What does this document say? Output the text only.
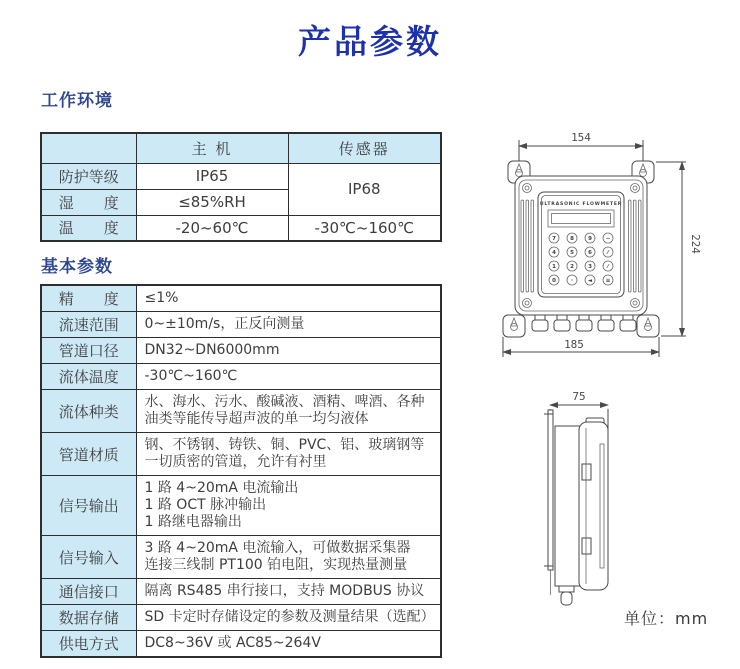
产品参数
工作环境
	主 机	传感器
防护等级	IP65	IP68
湿　　度	≤85%RH	
温　　度	-20~60℃	-30℃~160℃
基本参数
精　　度	≤1%

流速范围	0~±10m/s，正反向测量

管道口径	DN32~DN6000mm

流体温度	-30℃~160℃

流体种类	水、海水、污水、酸碱液、酒精、啤酒、各种油类等能传导超声波的单一均匀液体

管道材质	钢、不锈钢、铸铁、铜、PVC、铝、玻璃钢等一切质密的管道，允许有衬里

信号输出	1 路 4~20mA 电流输出
1 路 OCT 脉冲输出
1 路继电器输出

信号输入	3 路 4~20mA 电流输入，可做数据采集器
连接三线制 PT100 铂电阻，实现热量测量

通信接口	隔离 RS485 串行接口，支持 MODBUS 协议

数据存储	SD 卡定时存储设定的参数及测量结果（选配）

供电方式	DC8~36V 或 AC85~264V
154
ULTRASONIC FLOWMETER
7	8	9	−
4	5	6	⁄
1	2	3	⁄
0	·	◄ ≡
185
224
75
单位：mm
